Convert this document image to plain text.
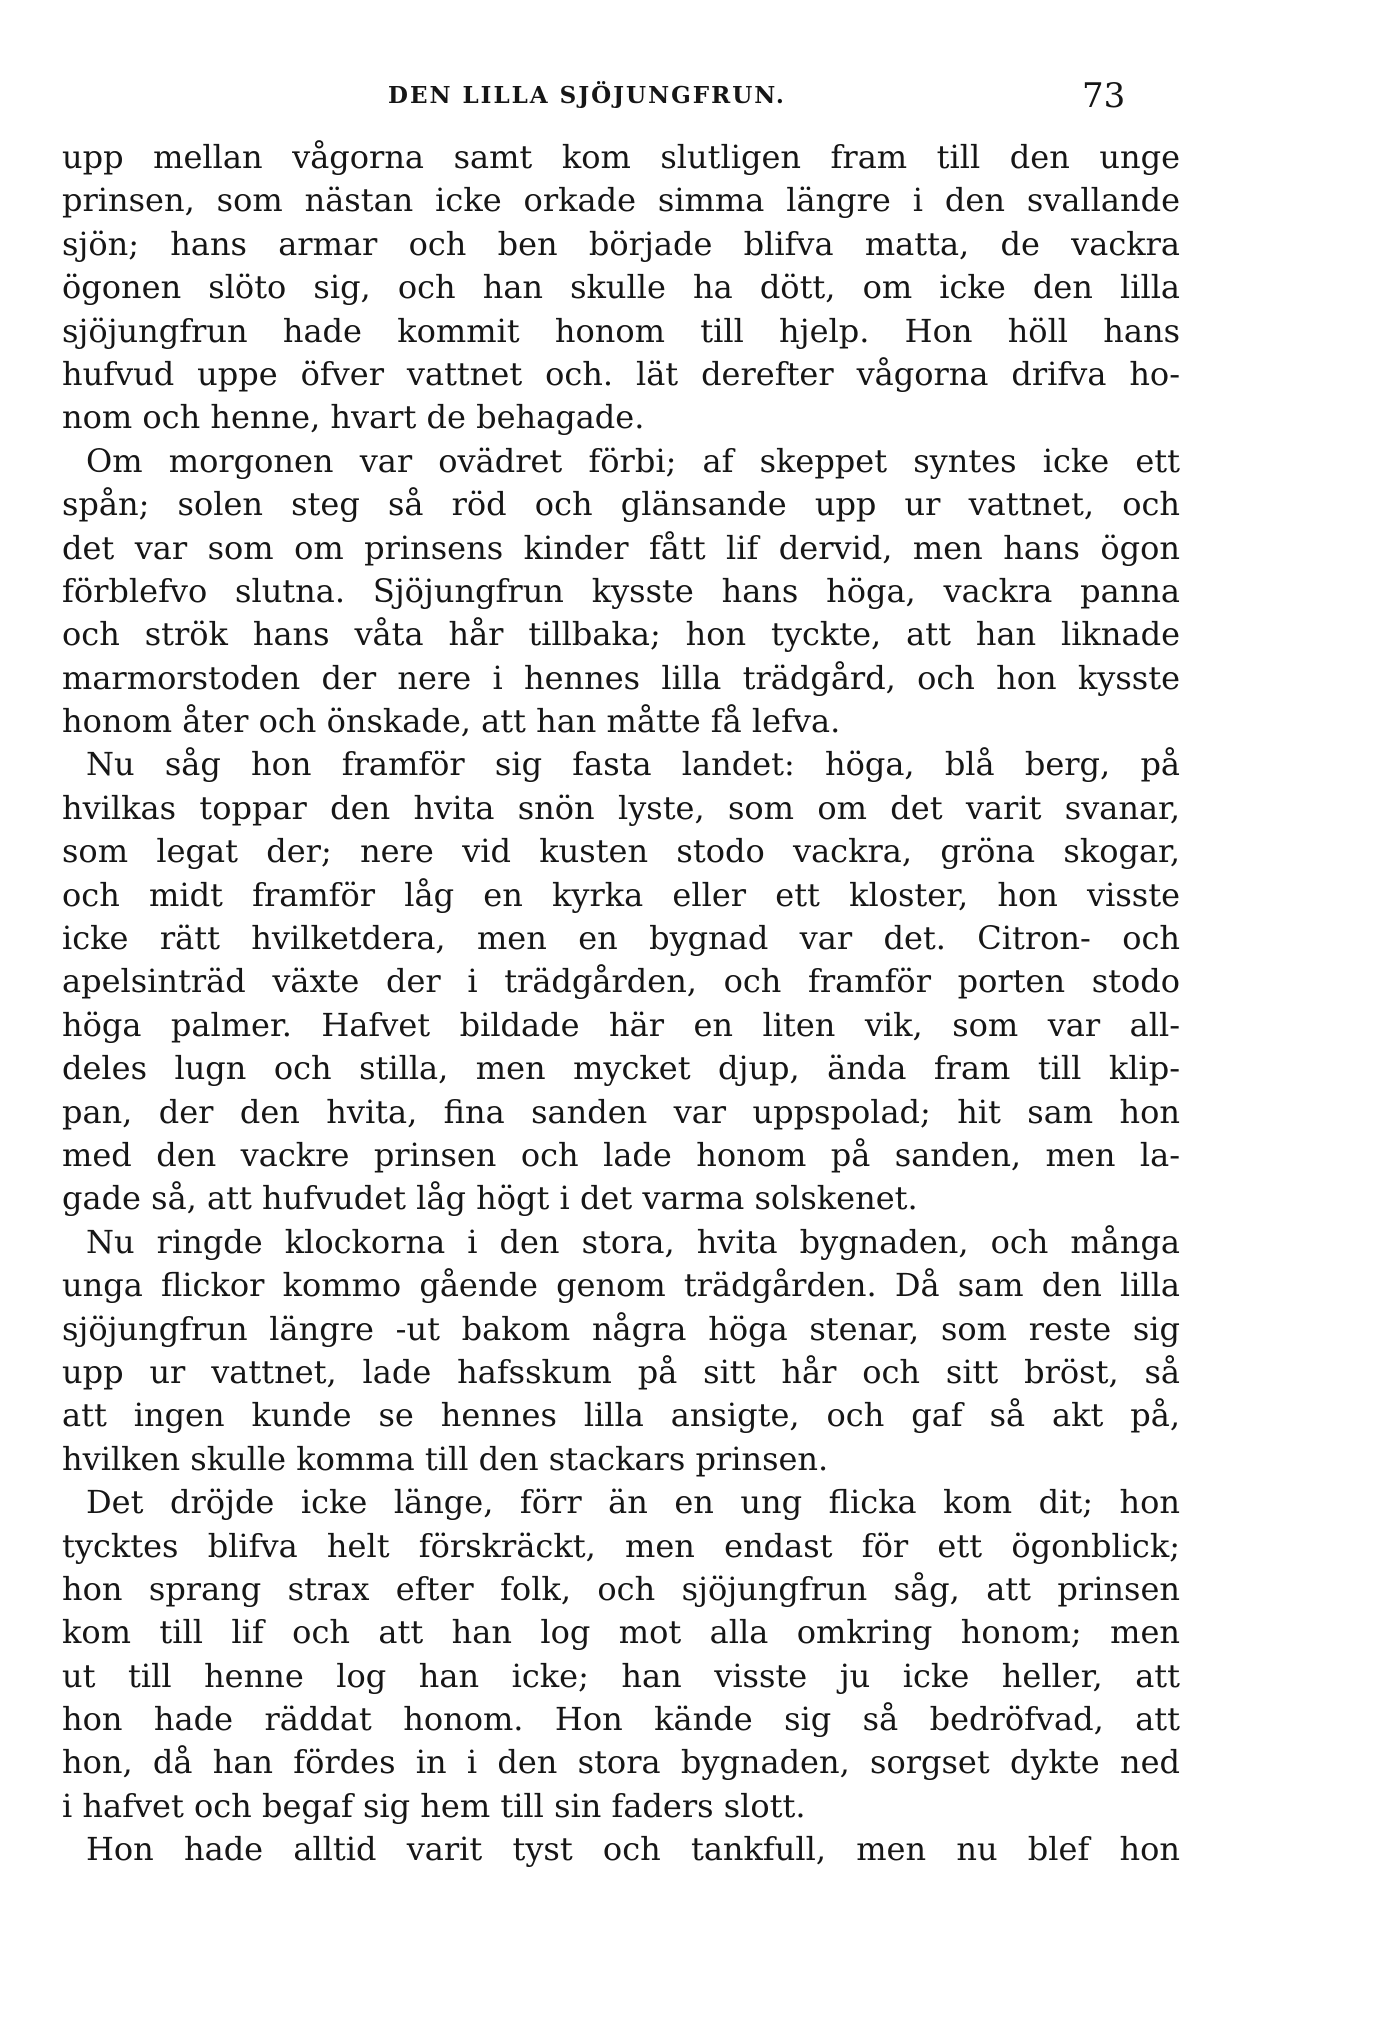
DEN LILLA SJÖJUNGFRUN.	73
upp mellan vågorna samt kom slutligen fram till den unge
prinsen, som nästan icke orkade simma längre i den svallande
sjön; hans armar och ben började blifva matta, de vackra
ögonen slöto sig, och han skulle ha dött, om icke den lilla
sjöjungfrun hade kommit honom till hjelp. Hon höll hans
hufvud uppe öfver vattnet och. lät derefter vågorna drifva ho-
nom och henne, hvart de behagade.
Om morgonen var ovädret förbi; af skeppet syntes icke ett
spån; solen steg så röd och glänsande upp ur vattnet, och
det var som om prinsens kinder fått lif dervid, men hans ögon
förblefvo slutna. Sjöjungfrun kysste hans höga, vackra panna
och strök hans våta hår tillbaka; hon tyckte, att han liknade
marmorstoden der nere i hennes lilla trädgård, och hon kysste
honom åter och önskade, att han måtte få lefva.
Nu såg hon framför sig fasta landet: höga, blå berg, på
hvilkas toppar den hvita snön lyste, som om det varit svanar,
som legat der; nere vid kusten stodo vackra, gröna skogar,
och midt framför låg en kyrka eller ett kloster, hon visste
icke rätt hvilketdera, men en bygnad var det. Citron- och
apelsinträd växte der i trädgården, och framför porten stodo
höga palmer. Hafvet bildade här en liten vik, som var all-
deles lugn och stilla, men mycket djup, ända fram till klip-
pan, der den hvita, fina sanden var uppspolad; hit sam hon
med den vackre prinsen och lade honom på sanden, men la-
gade så, att hufvudet låg högt i det varma solskenet.
Nu ringde klockorna i den stora, hvita bygnaden, och många
unga flickor kommo gående genom trädgården. Då sam den lilla
sjöjungfrun längre -ut bakom några höga stenar, som reste sig
upp ur vattnet, lade hafsskum på sitt hår och sitt bröst, så
att ingen kunde se hennes lilla ansigte, och gaf så akt på,
hvilken skulle komma till den stackars prinsen.
Det dröjde icke länge, förr än en ung flicka kom dit; hon
tycktes blifva helt förskräckt, men endast för ett ögonblick;
hon sprang strax efter folk, och sjöjungfrun såg, att prinsen
kom till lif och att han log mot alla omkring honom; men
ut till henne log han icke; han visste ju icke heller, att
hon hade räddat honom. Hon kände sig så bedröfvad, att
hon, då han fördes in i den stora bygnaden, sorgset dykte ned
i hafvet och begaf sig hem till sin faders slott.
Hon hade alltid varit tyst och tankfull, men nu blef hon
